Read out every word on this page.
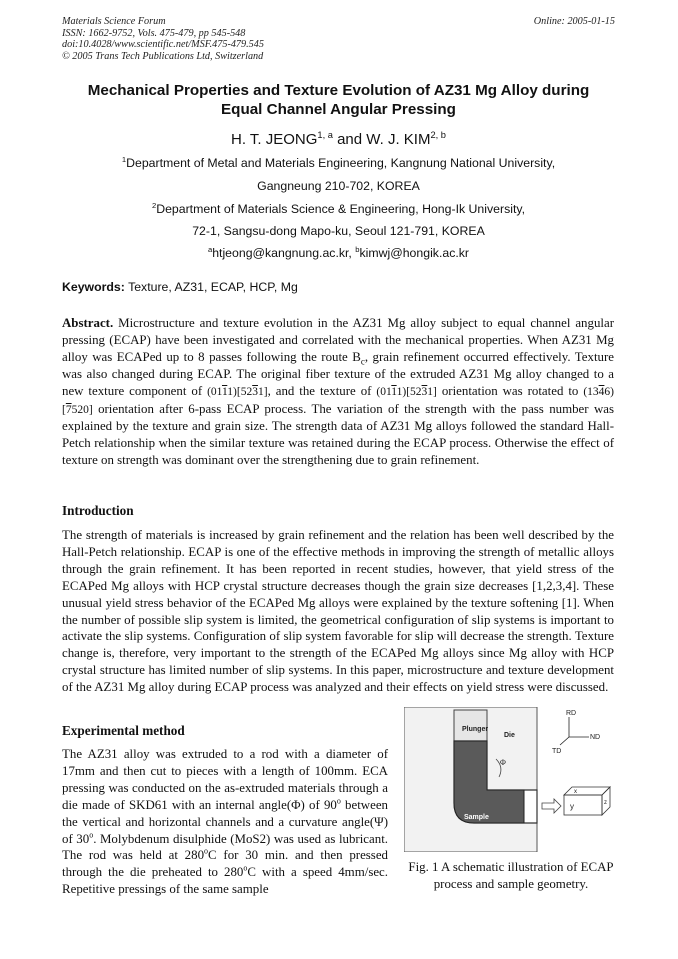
Materials Science Forum
ISSN: 1662-9752, Vols. 475-479, pp 545-548
doi:10.4028/www.scientific.net/MSF.475-479.545
© 2005 Trans Tech Publications Ltd, Switzerland
Online: 2005-01-15
Mechanical Properties and Texture Evolution of AZ31 Mg Alloy during
Equal Channel Angular Pressing
H. T. JEONG$^{1, a}$ and W. J. KIM$^{2, b}$
$^1$Department of Metal and Materials Engineering, Kangnung National University,
Gangneung 210-702, KOREA
$^2$Department of Materials Science & Engineering, Hong-Ik University,
72-1, Sangsu-dong Mapo-ku, Seoul 121-791, KOREA
$^a$htjeong@kangnung.ac.kr, $^b$kimwj@hongik.ac.kr
Keywords: Texture, AZ31, ECAP, HCP, Mg

Abstract. Microstructure and texture evolution in the AZ31 Mg alloy subject to equal channel angular pressing (ECAP) have been investigated and correlated with the mechanical properties. When AZ31 Mg alloy was ECAPed up to 8 passes following the route $B_c$, grain refinement occurred effectively. Texture was also changed during ECAP. The original fiber texture of the extruded AZ31 Mg alloy changed to a new texture component of (0111)[5231], and the texture of (0111)[5231] orientation was rotated to (1346)[7520] orientation after 6-pass ECAP process. The variation of the strength with the pass number was explained by the texture and grain size. The strength data of AZ31 Mg alloys followed the standard Hall-Petch relationship when the similar texture was retained during the ECAP process. Otherwise the effect of texture on strength was dominant over the strengthening due to grain refinement.

Introduction

The strength of materials is increased by grain refinement and the relation has been well described by the Hall-Petch relationship. ECAP is one of the effective methods in improving the strength of metallic alloys through the grain refinement. It has been reported in recent studies, however, that yield stress of the ECAPed Mg alloys with HCP crystal structure decreases though the grain size decreases [1,2,3,4]. These unusual yield stress behavior of the ECAPed Mg alloys were explained by the texture softening [1]. When the number of possible slip system is limited, the geometrical configuration of slip systems is important to activate the slip systems. Configuration of slip system favorable for slip will decrease the strength. Texture change is, therefore, very important to the strength of the ECAPed Mg alloys since Mg alloy with HCP crystal structure has limited number of slip systems. In this paper, microstructure and texture development of the AZ31 Mg alloy during ECAP process was analyzed and their effects on yield stress were discussed.

Experimental method

The AZ31 alloy was extruded to a rod with a diameter of 17mm and then cut to pieces with a length of 100mm. ECA pressing was conducted on the as-extruded materials through a die made of SKD61 with an internal angle(Φ) of 90$^o$ between the vertical and horizontal channels and a curvature angle(Ψ) of 30$^o$. Molybdenum disulphide (MoS2) was used as lubricant. The rod was held at 280$^o$C for 30 min. and then pressed through the die preheated to 280$^o$C with a speed 4mm/sec. Repetitive pressings of the same sample

Plunger
Die
Φ
Sample
RD
ND
TD
x
y	z
Fig. 1 A schematic illustration of ECAP process and sample geometry.
